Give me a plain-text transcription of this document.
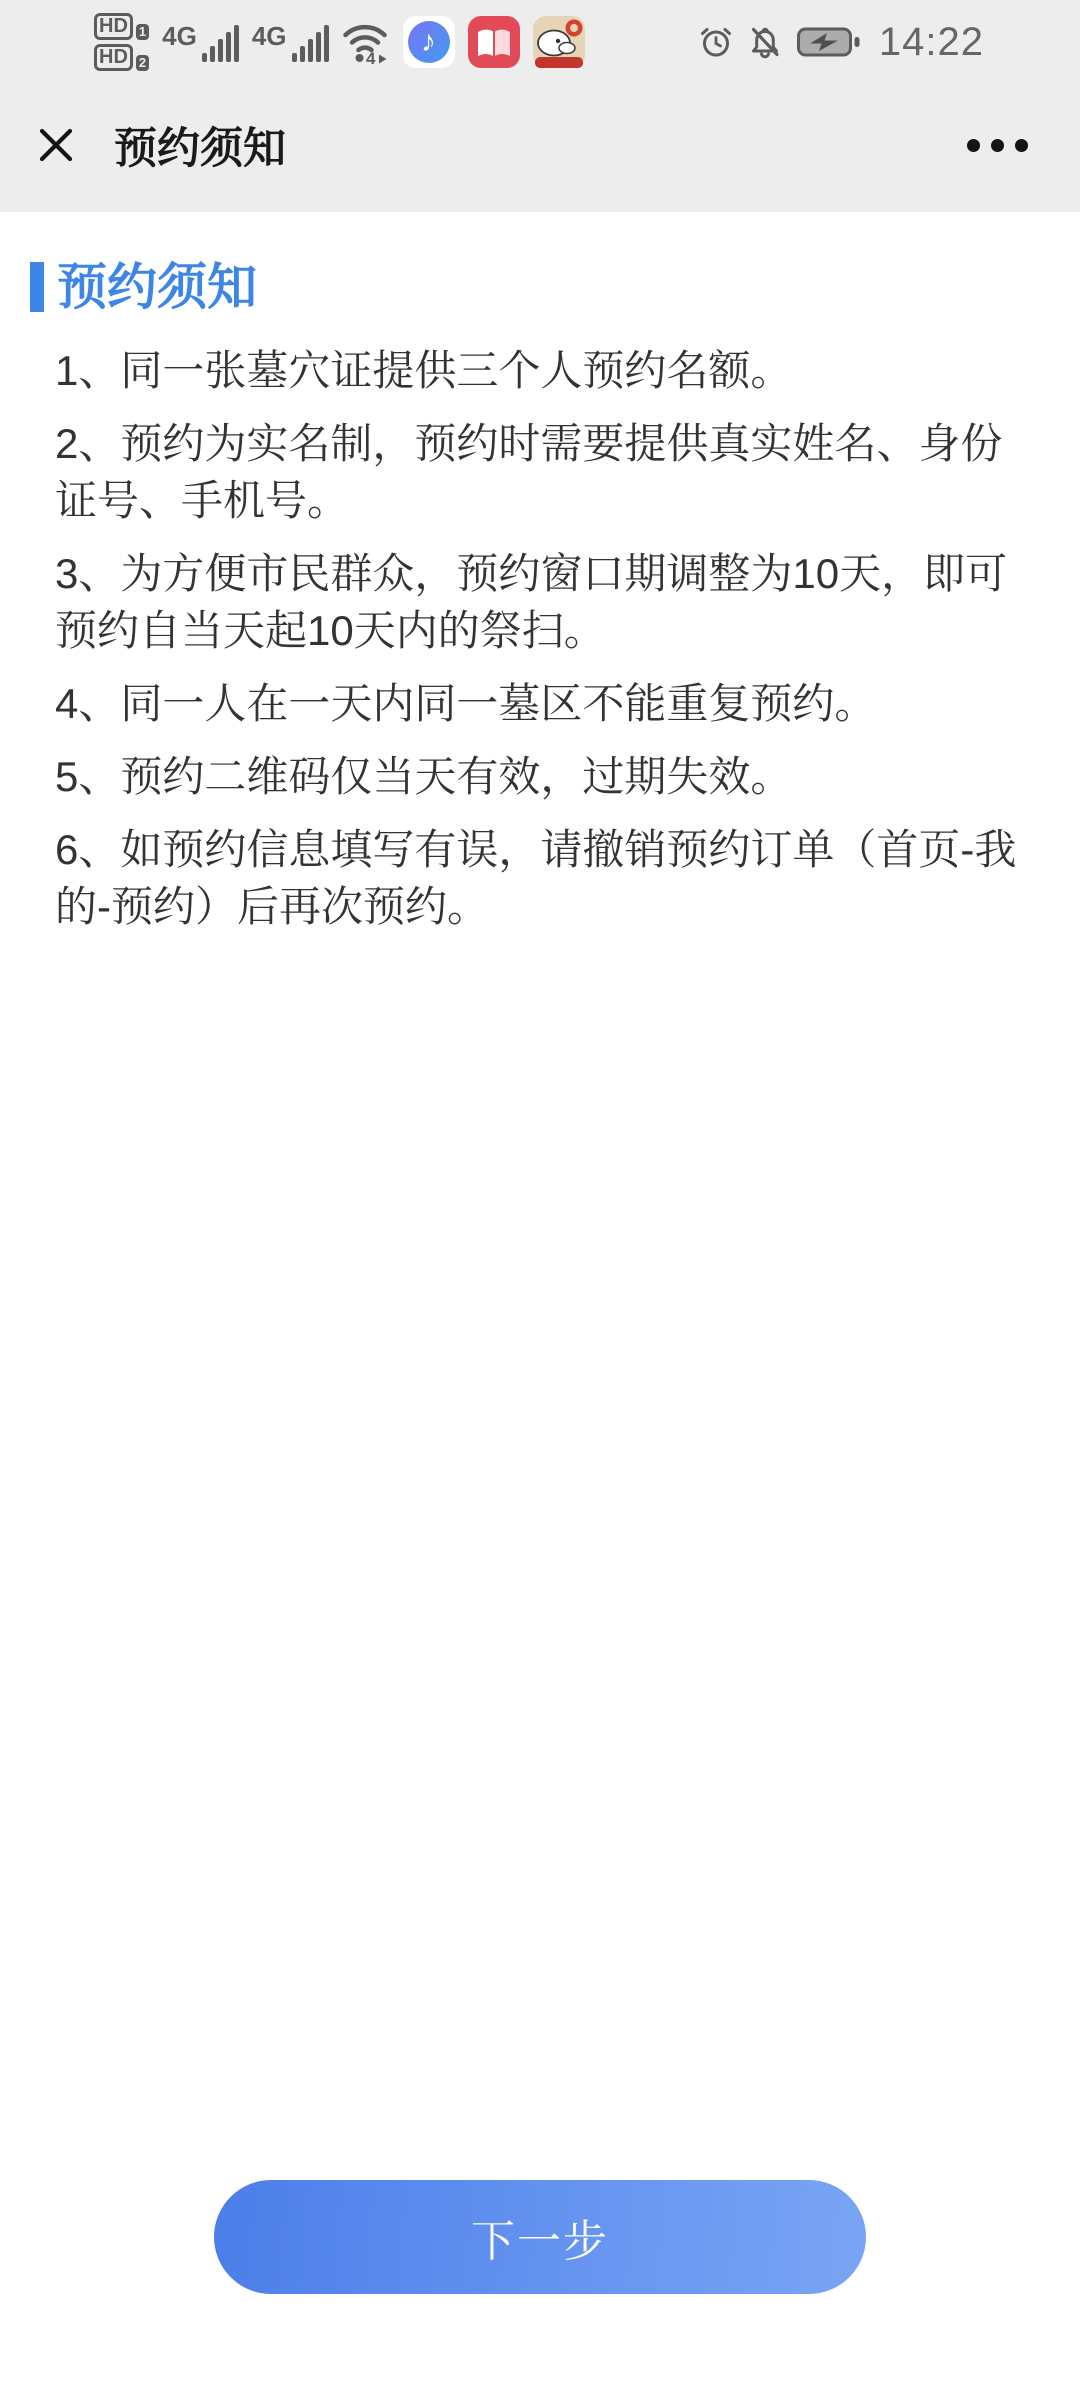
HD 1
HD 2
4G 4G
4
♪	14:22
预约须知
预约须知

1、同一张墓穴证提供三个人预约名额。

2、预约为实名制，预约时需要提供真实姓名、身份证号、手机号。

3、为方便市民群众，预约窗口期调整为10天，即可预约自当天起10天内的祭扫。

4、同一人在一天内同一墓区不能重复预约。

5、预约二维码仅当天有效，过期失效。

6、如预约信息填写有误，请撤销预约订单（首页-我的-预约）后再次预约。

下一步
